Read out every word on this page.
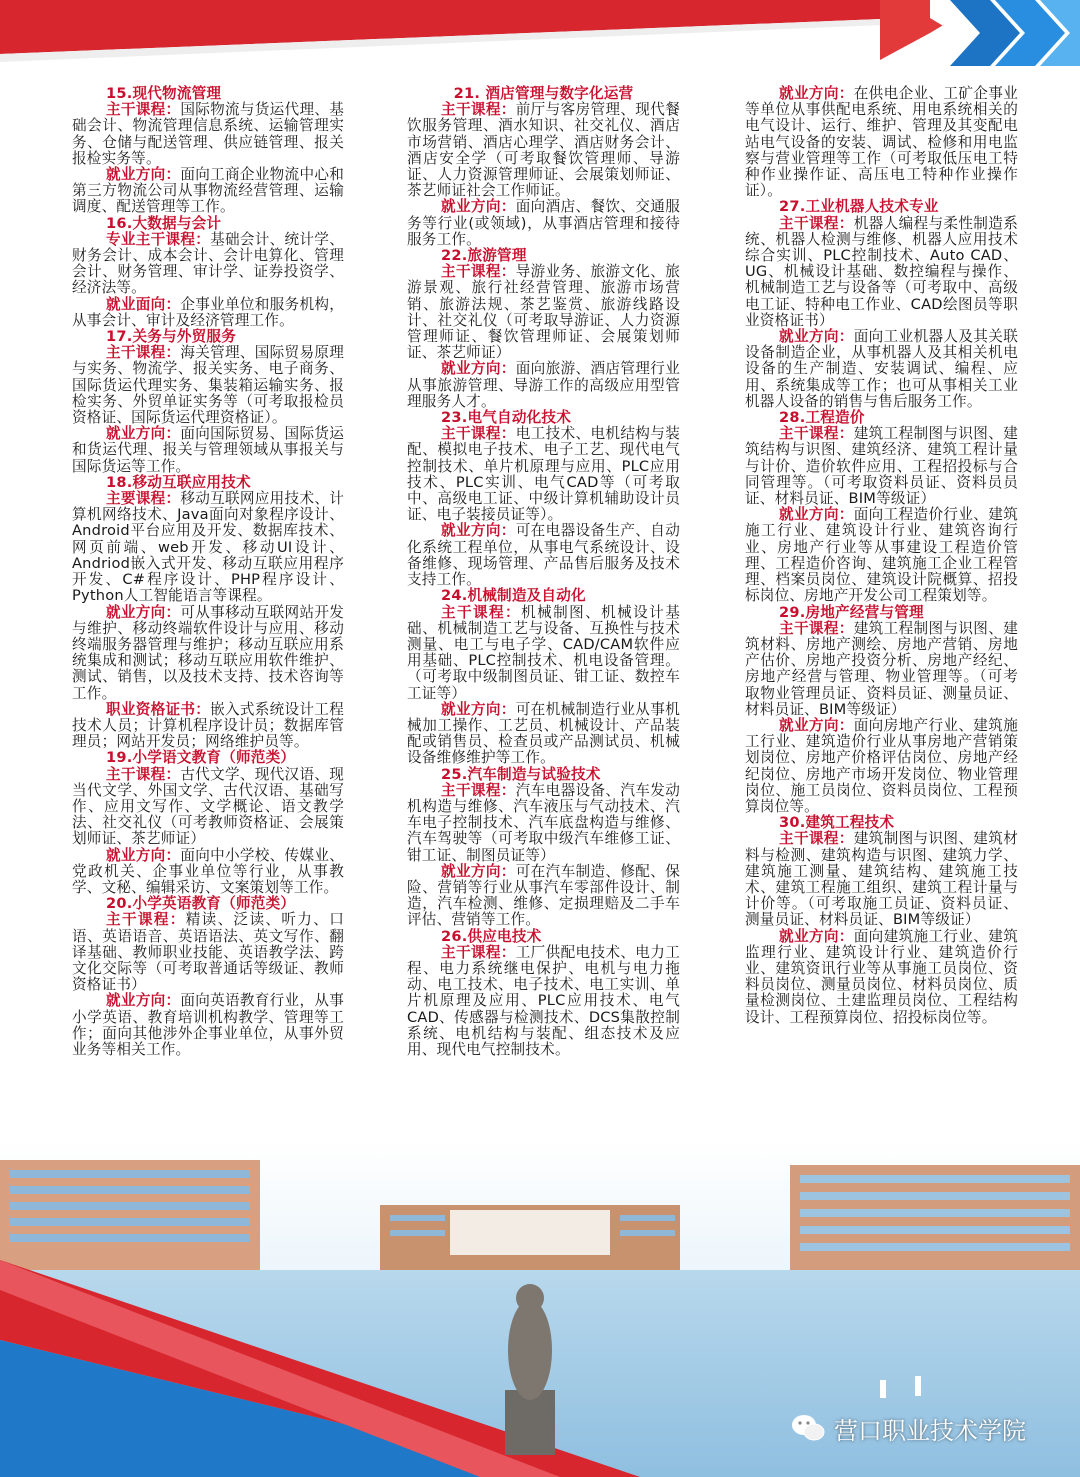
15.现代物流管理

主干课程：国际物流与货运代理、基础会计、物流管理信息系统、运输管理实务、仓储与配送管理、供应链管理、报关报检实务等。

就业方向：面向工商企业物流中心和第三方物流公司从事物流经营管理、运输调度、配送管理等工作。

16.大数据与会计

专业主干课程：基础会计、统计学、财务会计、成本会计、会计电算化、管理会计、财务管理、审计学、证券投资学、经济法等。

就业面向：企事业单位和服务机构，从事会计、审计及经济管理工作。

17.关务与外贸服务

主干课程：海关管理、国际贸易原理与实务、物流学、报关实务、电子商务、国际货运代理实务、集装箱运输实务、报检实务、外贸单证实务等（可考取报检员资格证、国际货运代理资格证）。

就业方向：面向国际贸易、国际货运和货运代理、报关与管理领域从事报关与国际货运等工作。

18.移动互联应用技术

主要课程：移动互联网应用技术、计算机网络技术、Java面向对象程序设计、Android平台应用及开发、数据库技术、网页前端、web开发、移动UI设计、Andriod嵌入式开发、移动互联应用程序开发、C#程序设计、PHP程序设计、Python人工智能语言等课程。

就业方向：可从事移动互联网站开发与维护、移动终端软件设计与应用、移动终端服务器管理与维护；移动互联应用系统集成和测试；移动互联应用软件维护、测试、销售，以及技术支持、技术咨询等工作。

职业资格证书：嵌入式系统设计工程技术人员；计算机程序设计员；数据库管理员；网站开发员；网络维护员等。

19.小学语文教育（师范类）

主干课程：古代文学、现代汉语、现当代文学、外国文学、古代汉语、基础写作、应用文写作、文学概论、语文教学法、社交礼仪（可考教师资格证、会展策划师证、茶艺师证）

就业方向：面向中小学校、传媒业、党政机关、企事业单位等行业，从事教学、文秘、编辑采访、文案策划等工作。

20.小学英语教育（师范类）

主干课程：精读、泛读、听力、口语、英语语音、英语语法、英文写作、翻译基础、教师职业技能、英语教学法、跨文化交际等（可考取普通话等级证、教师资格证书）

就业方向：面向英语教育行业，从事小学英语、教育培训机构教学、管理等工作；面向其他涉外企事业单位，从事外贸业务等相关工作。

21. 酒店管理与数字化运营

主干课程：前厅与客房管理、现代餐饮服务管理、酒水知识、社交礼仪、酒店市场营销、酒店心理学、酒店财务会计、酒店安全学（可考取餐饮管理师、导游证、人力资源管理师证、会展策划师证、茶艺师证社会工作师证。

就业方向：面向酒店、餐饮、交通服务等行业(或领域)，从事酒店管理和接待服务工作。

22.旅游管理

主干课程：导游业务、旅游文化、旅游景观、旅行社经营管理、旅游市场营销、旅游法规、茶艺鉴赏、旅游线路设计、社交礼仪（可考取导游证、人力资源管理师证、餐饮管理师证、会展策划师证、茶艺师证）

就业方向：面向旅游、酒店管理行业从事旅游管理、导游工作的高级应用型管理服务人才。

23.电气自动化技术

主干课程：电工技术、电机结构与装配、模拟电子技术、电子工艺、现代电气控制技术、单片机原理与应用、PLC应用技术、PLC实训、电气CAD等（可考取中、高级电工证、中级计算机辅助设计员证、电子装接员证等）。

就业方向：可在电器设备生产、自动化系统工程单位，从事电气系统设计、设备维修、现场管理、产品售后服务及技术支持工作。

24.机械制造及自动化

主干课程：机械制图、机械设计基础、机械制造工艺与设备、互换性与技术测量、电工与电子学、CAD/CAM软件应用基础、PLC控制技术、机电设备管理。（可考取中级制图员证、钳工证、数控车工证等）

就业方向：可在机械制造行业从事机械加工操作、工艺员、机械设计、产品装配或销售员、检查员或产品测试员、机械设备维修维护等工作。

25.汽车制造与试验技术

主干课程：汽车电器设备、汽车发动机构造与维修、汽车液压与气动技术、汽车电子控制技术、汽车底盘构造与维修、汽车驾驶等（可考取中级汽车维修工证、钳工证、制图员证等）

就业方向：可在汽车制造、修配、保险、营销等行业从事汽车零部件设计、制造，汽车检测、维修、定损理赔及二手车评估、营销等工作。

26.供应电技术

主干课程：工厂供配电技术、电力工程、电力系统继电保护、电机与电力拖动、电工技术、电子技术、电工实训、单片机原理及应用、PLC应用技术、电气CAD、传感器与检测技术、DCS集散控制系统、电机结构与装配、组态技术及应用、现代电气控制技术。

就业方向：在供电企业、工矿企事业等单位从事供配电系统、用电系统相关的电气设计、运行、维护、管理及其变配电站电气设备的安装、调试、检修和用电监察与营业管理等工作（可考取低压电工特种作业操作证、高压电工特种作业操作证）。

27.工业机器人技术专业

主干课程：机器人编程与柔性制造系统、机器人检测与维修、机器人应用技术综合实训、PLC控制技术、Auto CAD、UG、机械设计基础、数控编程与操作、机械制造工艺与设备等（可考取中、高级电工证、特种电工作业、CAD绘图员等职业资格证书）

就业方向：面向工业机器人及其关联设备制造企业，从事机器人及其相关机电设备的生产制造、安装调试、编程、应用、系统集成等工作；也可从事相关工业机器人设备的销售与售后服务工作。

28.工程造价

主干课程：建筑工程制图与识图、建筑结构与识图、建筑经济、建筑工程计量与计价、造价软件应用、工程招投标与合同管理等。（可考取资料员证、资料员员证、材料员证、BIM等级证）

就业方向：面向工程造价行业、建筑施工行业、建筑设计行业、建筑咨询行业、房地产行业等从事建设工程造价管理、工程造价咨询、建筑施工企业工程管理、档案员岗位、建筑设计院概算、招投标岗位、房地产开发公司工程策划等。

29.房地产经营与管理

主干课程：建筑工程制图与识图、建筑材料、房地产测绘、房地产营销、房地产估价、房地产投资分析、房地产经纪、房地产经营与管理、物业管理等。（可考取物业管理员证、资料员证、测量员证、材料员证、BIM等级证）

就业方向：面向房地产行业、建筑施工行业、建筑造价行业从事房地产营销策划岗位、房地产价格评估岗位、房地产经纪岗位、房地产市场开发岗位、物业管理岗位、施工员岗位、资料员岗位、工程预算岗位等。

30.建筑工程技术

主干课程：建筑制图与识图、建筑材料与检测、建筑构造与识图、建筑力学、建筑施工测量、建筑结构、建筑施工技术、建筑工程施工组织、建筑工程计量与计价等。（可考取施工员证、资料员证、测量员证、材料员证、BIM等级证）

就业方向：面向建筑施工行业、建筑监理行业、建筑设计行业、建筑造价行业、建筑资讯行业等从事施工员岗位、资料员岗位、测量员岗位、材料员岗位、质量检测岗位、土建监理员岗位、工程结构设计、工程预算岗位、招投标岗位等。

营口职业技术学院
